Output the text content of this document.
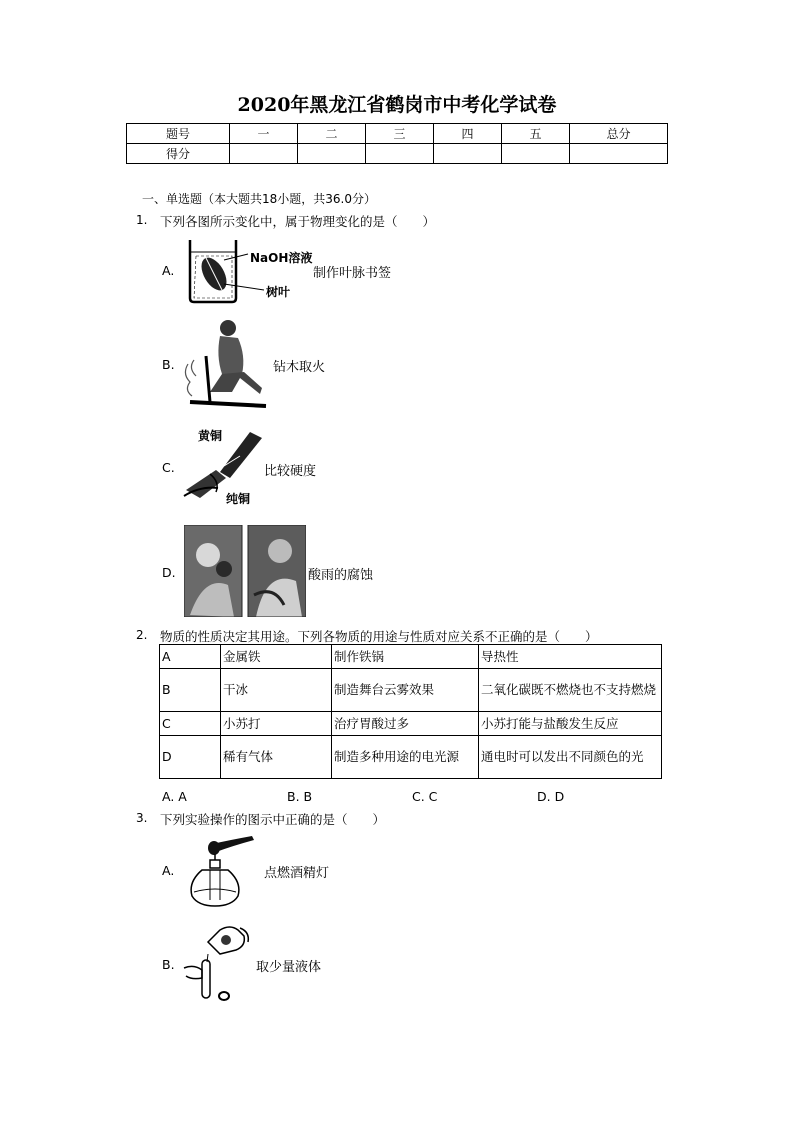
2020年黑龙江省鹤岗市中考化学试卷
题号	一	二	三	四	五	总分
得分						
一、单选题（本大题共18小题，共36.0分）
1. 下列各图所示变化中，属于物理变化的是（　　）
A.
NaOH溶液
树叶
制作叶脉书签
B.	钻木取火
C.
黄铜
纯铜
比较硬度
D.	酸雨的腐蚀
2. 物质的性质决定其用途。下列各物质的用途与性质对应关系不正确的是（　　）
A	金属铁	制作铁锅	导热性
B	干冰	制造舞台云雾效果	二氧化碳既不燃烧也不支持燃烧
C	小苏打	治疗胃酸过多	小苏打能与盐酸发生反应
D	稀有气体	制造多种用途的电光源	通电时可以发出不同颜色的光
A. A	B. B	C. C	D. D
3. 下列实验操作的图示中正确的是（　　）
A.	点燃酒精灯
B.	取少量液体
